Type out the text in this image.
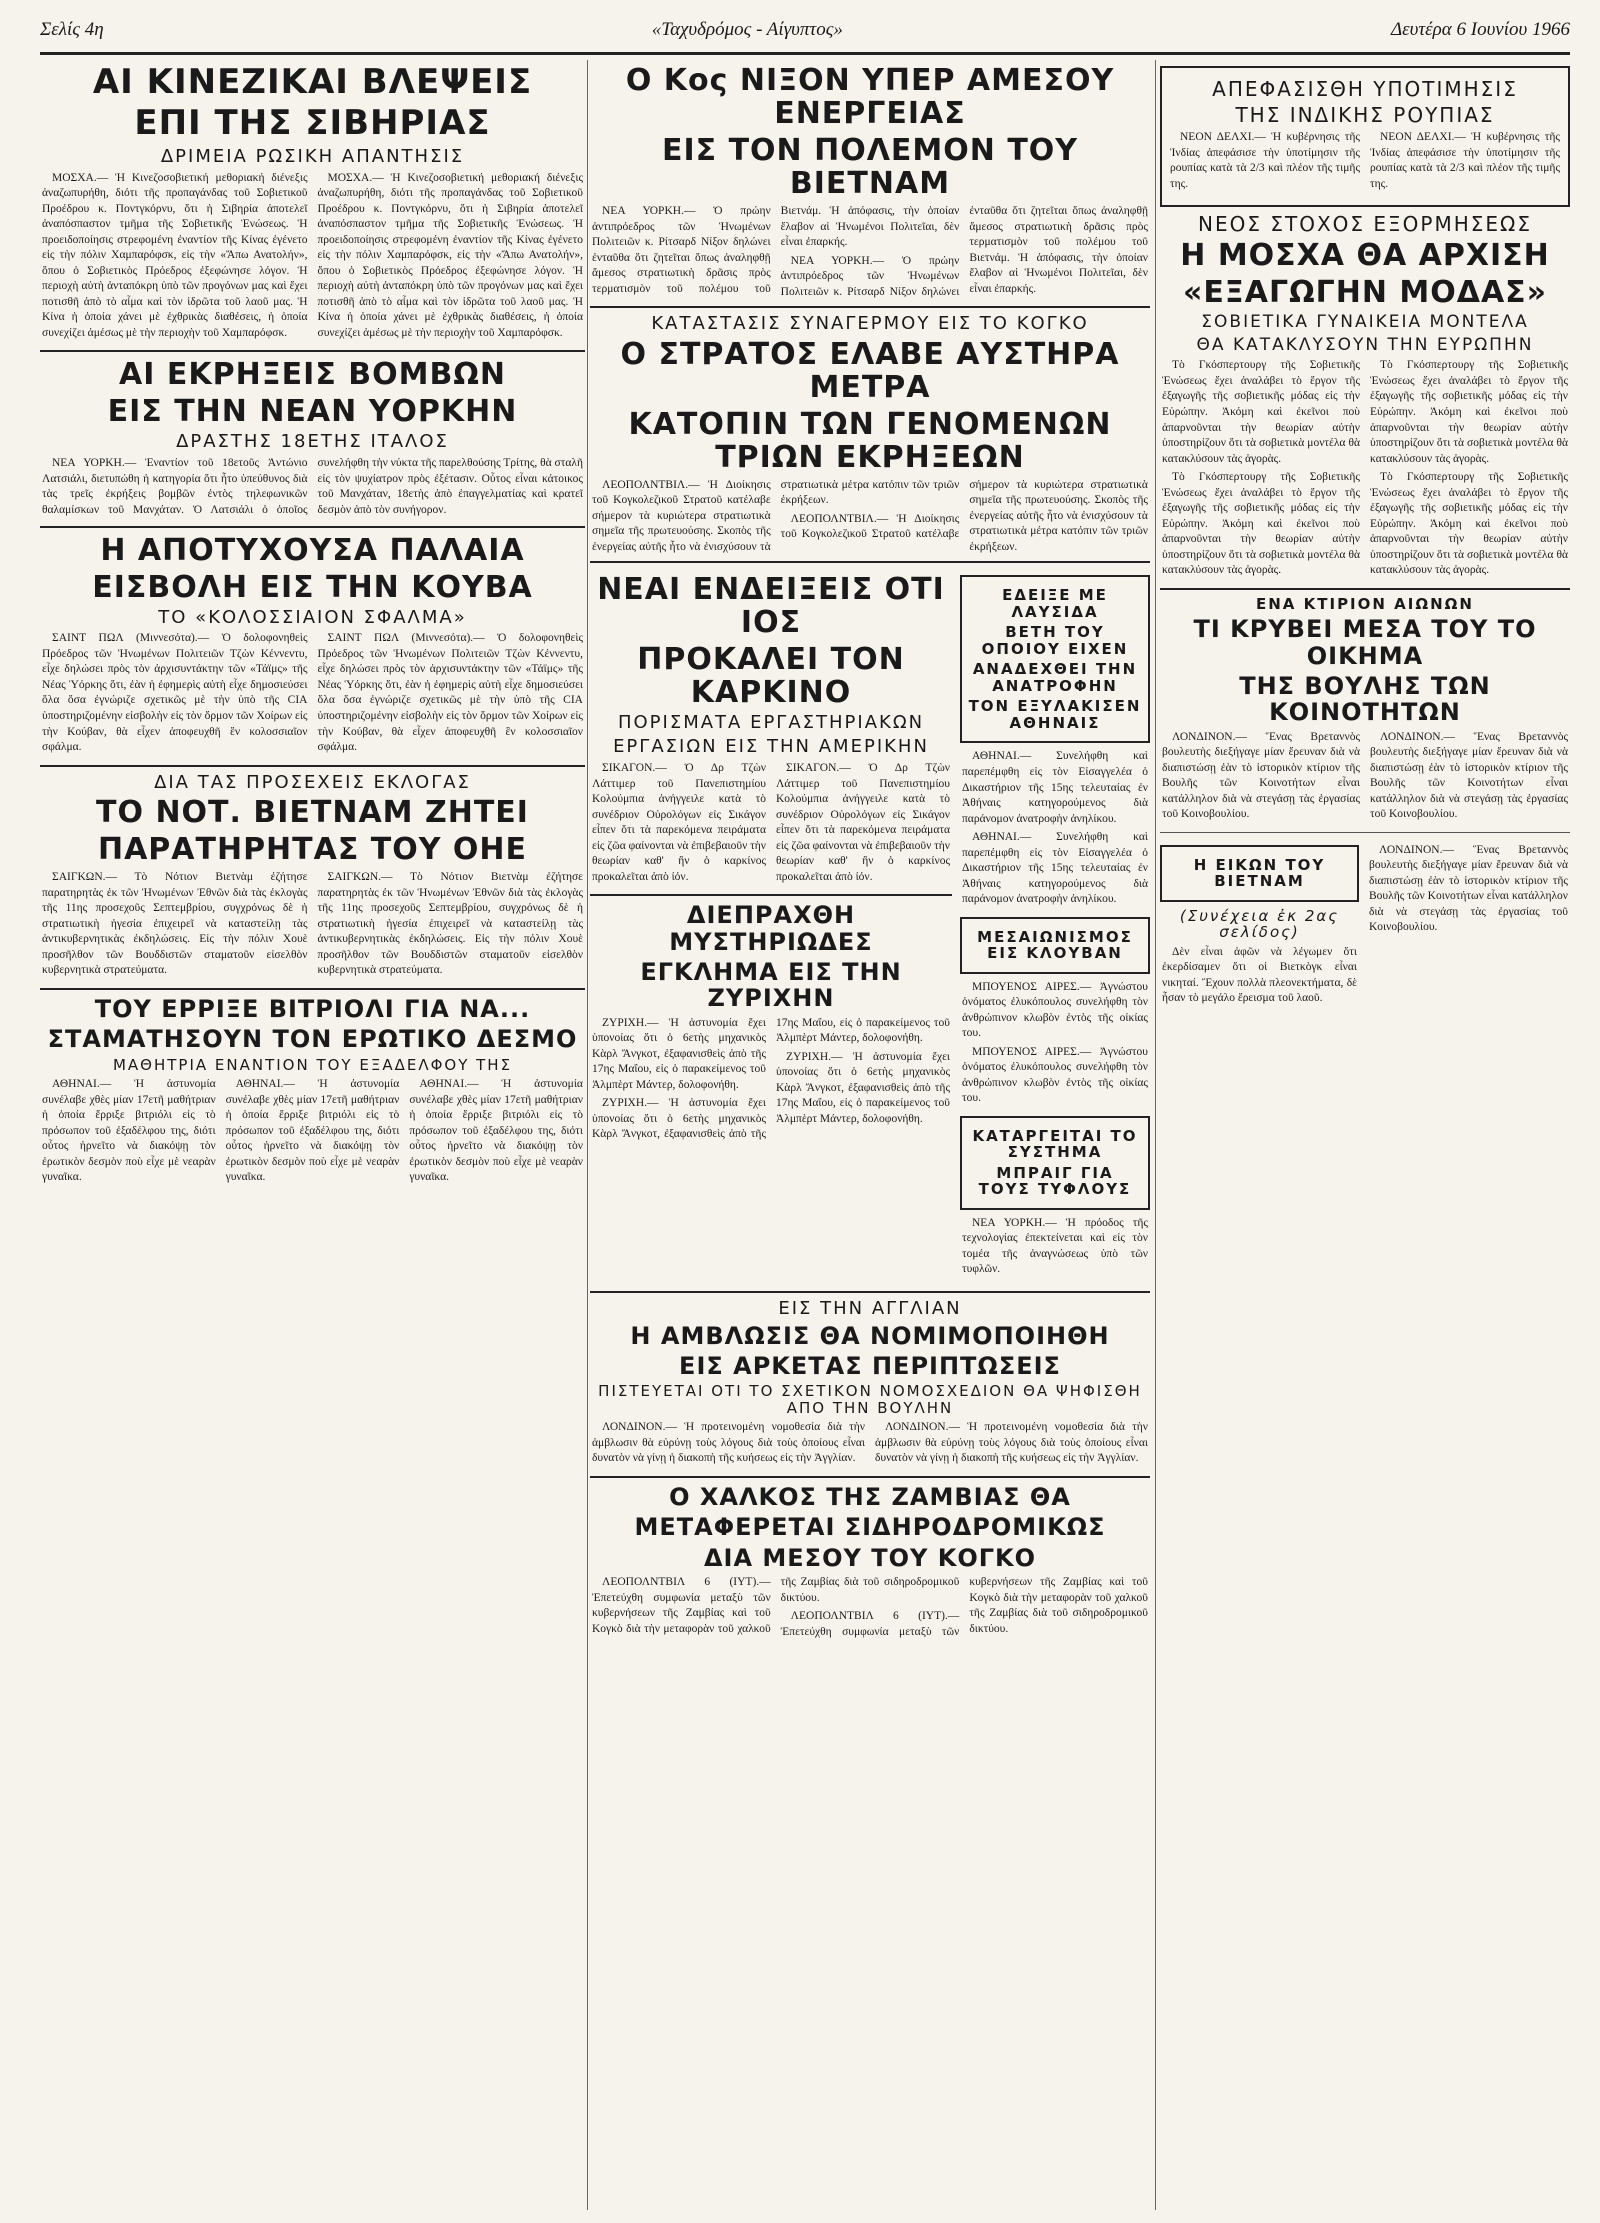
Σελίς 4η	«Ταχυδρόμος - Αίγυπτος»	Δευτέρα 6 Ιουνίου 1966
ΑΙ ΚΙΝΕΖΙΚΑΙ ΒΛΕΨΕΙΣ
ΕΠΙ ΤΗΣ ΣΙΒΗΡΙΑΣ
ΔΡΙΜΕΙΑ ΡΩΣΙΚΗ ΑΠΑΝΤΗΣΙΣ

ΜΟΣΧΑ.— Ἡ Κινεζοσοβιετική μεθοριακή διένεξις ἀναζωπυρήθη, διότι τῆς προπαγάνδας τοῦ Σοβιετικοῦ Προέδρου κ. Ποντγκόρνυ, ὅτι ἡ Σιβηρία ἀποτελεῖ ἀναπόσπαστον τμῆμα τῆς Σοβιετικῆς Ἑνώσεως. Ἡ προειδοποίησις στρεφομένη ἐναντίον τῆς Κίνας ἐγένετο εἰς τὴν πόλιν Χαμπαρόφσκ, εἰς τὴν «Ἄπω Ανατολήν», ὅπου ὁ Σοβιετικὸς Πρόεδρος ἐξεφώνησε λόγον. Ἡ περιοχὴ αὐτὴ ἀνταπόκρη ὑπὸ τῶν προγόνων μας καὶ ἔχει ποτισθῆ ἀπὸ τὸ αἷμα καὶ τὸν ἱδρῶτα τοῦ λαοῦ μας. Ἡ Κίνα ἡ ὁποία χάνει μὲ ἐχθρικὰς διαθέσεις, ἡ ὁποία συνεχίζει ἀμέσως μὲ τὴν περιοχὴν τοῦ Χαμπαρόφσκ.

ΜΟΣΧΑ.— Ἡ Κινεζοσοβιετική μεθοριακή διένεξις ἀναζωπυρήθη, διότι τῆς προπαγάνδας τοῦ Σοβιετικοῦ Προέδρου κ. Ποντγκόρνυ, ὅτι ἡ Σιβηρία ἀποτελεῖ ἀναπόσπαστον τμῆμα τῆς Σοβιετικῆς Ἑνώσεως. Ἡ προειδοποίησις στρεφομένη ἐναντίον τῆς Κίνας ἐγένετο εἰς τὴν πόλιν Χαμπαρόφσκ, εἰς τὴν «Ἄπω Ανατολήν», ὅπου ὁ Σοβιετικὸς Πρόεδρος ἐξεφώνησε λόγον. Ἡ περιοχὴ αὐτὴ ἀνταπόκρη ὑπὸ τῶν προγόνων μας καὶ ἔχει ποτισθῆ ἀπὸ τὸ αἷμα καὶ τὸν ἱδρῶτα τοῦ λαοῦ μας. Ἡ Κίνα ἡ ὁποία χάνει μὲ ἐχθρικὰς διαθέσεις, ἡ ὁποία συνεχίζει ἀμέσως μὲ τὴν περιοχὴν τοῦ Χαμπαρόφσκ.

ΑΙ ΕΚΡΗΞΕΙΣ ΒΟΜΒΩΝ
ΕΙΣ ΤΗΝ ΝΕΑΝ ΥΟΡΚΗΝ
ΔΡΑΣΤΗΣ 18ΕΤΗΣ ΙΤΑΛΟΣ

ΝΕΑ ΥΟΡΚΗ.— Ἐναντίον τοῦ 18ετοῦς Ἀντώνιο Λατσιάλι, διετυπώθη ἡ κατηγορία ὅτι ἦτο ὑπεύθυνος διὰ τὰς τρεῖς ἐκρήξεις βομβῶν ἐντὸς τηλεφωνικῶν θαλαμίσκων τοῦ Μανχάταν. Ὁ Λατσιάλι ὁ ὁποῖος συνελήφθη τὴν νύκτα τῆς παρελθούσης Τρίτης, θὰ σταλῆ εἰς τὸν ψυχίατρον πρὸς ἐξέτασιν. Οὗτος εἶναι κάτοικος τοῦ Μανχάταν, 18ετὴς ἀπὸ ἐπαγγελματίας καὶ κρατεῖ δεσμὸν ἀπὸ τὸν συνήγορον.

Η ΑΠΟΤΥΧΟΥΣΑ ΠΑΛΑΙΑ
ΕΙΣΒΟΛΗ ΕΙΣ ΤΗΝ ΚΟΥΒΑ
ΤΟ «ΚΟΛΟΣΣΙΑΙΟΝ ΣΦΑΛΜΑ»

ΣΑΙΝΤ ΠΩΛ (Μιννεσότα).— Ὁ δολοφονηθεὶς Πρόεδρος τῶν Ἡνωμένων Πολιτειῶν Τζὼν Κέννεντυ, εἶχε δηλώσει πρὸς τὸν ἀρχισυντάκτην τῶν «Τάϊμς» τῆς Νέας Ὑόρκης ὅτι, ἐὰν ἡ ἐφημερὶς αὐτὴ εἶχε δημοσιεύσει ὅλα ὅσα ἐγνώριζε σχετικῶς μὲ τὴν ὑπὸ τῆς CIA ὑποστηριζομένην εἰσβολὴν εἰς τὸν ὅρμον τῶν Χοίρων εἰς τὴν Κούβαν, θὰ εἶχεν ἀποφευχθῆ ἓν κολοσσιαῖον σφάλμα.

ΣΑΙΝΤ ΠΩΛ (Μιννεσότα).— Ὁ δολοφονηθεὶς Πρόεδρος τῶν Ἡνωμένων Πολιτειῶν Τζὼν Κέννεντυ, εἶχε δηλώσει πρὸς τὸν ἀρχισυντάκτην τῶν «Τάϊμς» τῆς Νέας Ὑόρκης ὅτι, ἐὰν ἡ ἐφημερὶς αὐτὴ εἶχε δημοσιεύσει ὅλα ὅσα ἐγνώριζε σχετικῶς μὲ τὴν ὑπὸ τῆς CIA ὑποστηριζομένην εἰσβολὴν εἰς τὸν ὅρμον τῶν Χοίρων εἰς τὴν Κούβαν, θὰ εἶχεν ἀποφευχθῆ ἓν κολοσσιαῖον σφάλμα.

ΔΙΑ ΤΑΣ ΠΡΟΣΕΧΕΙΣ ΕΚΛΟΓΑΣ
ΤΟ ΝΟΤ. ΒΙΕΤΝΑΜ ΖΗΤΕΙ
ΠΑΡΑΤΗΡΗΤΑΣ ΤΟΥ ΟΗΕ

ΣΑΙΓΚΩΝ.— Τὸ Νότιον Βιετνὰμ ἐζήτησε παρατηρητὰς ἐκ τῶν Ἡνωμένων Ἐθνῶν διὰ τὰς ἐκλογὰς τῆς 11ης προσεχοῦς Σεπτεμβρίου, συγχρόνως δὲ ἡ στρατιωτικὴ ἡγεσία ἐπιχειρεῖ νὰ καταστείλῃ τὰς ἀντικυβερνητικὰς ἐκδηλώσεις. Εἰς τὴν πόλιν Χουὲ προσῆλθον τῶν Βουδδιστῶν σταματοῦν εἰσελθὸν κυβερνητικὰ στρατεύματα.

ΣΑΙΓΚΩΝ.— Τὸ Νότιον Βιετνὰμ ἐζήτησε παρατηρητὰς ἐκ τῶν Ἡνωμένων Ἐθνῶν διὰ τὰς ἐκλογὰς τῆς 11ης προσεχοῦς Σεπτεμβρίου, συγχρόνως δὲ ἡ στρατιωτικὴ ἡγεσία ἐπιχειρεῖ νὰ καταστείλῃ τὰς ἀντικυβερνητικὰς ἐκδηλώσεις. Εἰς τὴν πόλιν Χουὲ προσῆλθον τῶν Βουδδιστῶν σταματοῦν εἰσελθὸν κυβερνητικὰ στρατεύματα.

ΤΟΥ ΕΡΡΙΞΕ ΒΙΤΡΙΟΛΙ ΓΙΑ ΝΑ...
ΣΤΑΜΑΤΗΣΟΥΝ ΤΟΝ ΕΡΩΤΙΚΟ ΔΕΣΜΟ
ΜΑΘΗΤΡΙΑ ΕΝΑΝΤΙΟΝ ΤΟΥ ΕΞΑΔΕΛΦΟΥ ΤΗΣ

ΑΘΗΝΑΙ.— Ἡ ἀστυνομία συνέλαβε χθὲς μίαν 17ετῆ μαθήτριαν ἡ ὁποία ἔρριξε βιτριόλι εἰς τὸ πρόσωπον τοῦ ἐξαδέλφου της, διότι οὗτος ἠρνεῖτο νὰ διακόψῃ τὸν ἐρωτικὸν δεσμὸν ποὺ εἶχε μὲ νεαρὰν γυναῖκα.

ΑΘΗΝΑΙ.— Ἡ ἀστυνομία συνέλαβε χθὲς μίαν 17ετῆ μαθήτριαν ἡ ὁποία ἔρριξε βιτριόλι εἰς τὸ πρόσωπον τοῦ ἐξαδέλφου της, διότι οὗτος ἠρνεῖτο νὰ διακόψῃ τὸν ἐρωτικὸν δεσμὸν ποὺ εἶχε μὲ νεαρὰν γυναῖκα.

ΑΘΗΝΑΙ.— Ἡ ἀστυνομία συνέλαβε χθὲς μίαν 17ετῆ μαθήτριαν ἡ ὁποία ἔρριξε βιτριόλι εἰς τὸ πρόσωπον τοῦ ἐξαδέλφου της, διότι οὗτος ἠρνεῖτο νὰ διακόψῃ τὸν ἐρωτικὸν δεσμὸν ποὺ εἶχε μὲ νεαρὰν γυναῖκα.

Ο Κος ΝΙΞΟΝ ΥΠΕΡ ΑΜΕΣΟΥ ΕΝΕΡΓΕΙΑΣ
ΕΙΣ ΤΟΝ ΠΟΛΕΜΟΝ ΤΟΥ ΒΙΕΤΝΑΜ

ΝΕΑ ΥΟΡΚΗ.— Ὁ πρώην ἀντιπρόεδρος τῶν Ἡνωμένων Πολιτειῶν κ. Ρίτσαρδ Νίξον δηλώνει ἐνταῦθα ὅτι ζητεῖται ὅπως ἀναληφθῇ ἄμεσος στρατιωτικὴ δρᾶσις πρὸς τερματισμὸν τοῦ πολέμου τοῦ Βιετνάμ. Ἡ ἀπόφασις, τὴν ὁποίαν ἔλαβον αἱ Ἡνωμένοι Πολιτεῖαι, δὲν εἶναι ἐπαρκής.

ΝΕΑ ΥΟΡΚΗ.— Ὁ πρώην ἀντιπρόεδρος τῶν Ἡνωμένων Πολιτειῶν κ. Ρίτσαρδ Νίξον δηλώνει ἐνταῦθα ὅτι ζητεῖται ὅπως ἀναληφθῇ ἄμεσος στρατιωτικὴ δρᾶσις πρὸς τερματισμὸν τοῦ πολέμου τοῦ Βιετνάμ. Ἡ ἀπόφασις, τὴν ὁποίαν ἔλαβον αἱ Ἡνωμένοι Πολιτεῖαι, δὲν εἶναι ἐπαρκής.

ΚΑΤΑΣΤΑΣΙΣ ΣΥΝΑΓΕΡΜΟΥ ΕΙΣ ΤΟ ΚΟΓΚΟ
Ο ΣΤΡΑΤΟΣ ΕΛΑΒΕ ΑΥΣΤΗΡΑ ΜΕΤΡΑ
ΚΑΤΟΠΙΝ ΤΩΝ ΓΕΝΟΜΕΝΩΝ ΤΡΙΩΝ ΕΚΡΗΞΕΩΝ

ΛΕΟΠΟΛΝΤΒΙΛ.— Ἡ Διοίκησις τοῦ Κογκολεζικοῦ Στρατοῦ κατέλαβε σήμερον τὰ κυριώτερα στρατιωτικὰ σημεῖα τῆς πρωτευούσης. Σκοπὸς τῆς ἐνεργείας αὐτῆς ἦτο νὰ ἐνισχύσουν τὰ στρατιωτικὰ μέτρα κατόπιν τῶν τριῶν ἐκρήξεων.

ΛΕΟΠΟΛΝΤΒΙΛ.— Ἡ Διοίκησις τοῦ Κογκολεζικοῦ Στρατοῦ κατέλαβε σήμερον τὰ κυριώτερα στρατιωτικὰ σημεῖα τῆς πρωτευούσης. Σκοπὸς τῆς ἐνεργείας αὐτῆς ἦτο νὰ ἐνισχύσουν τὰ στρατιωτικὰ μέτρα κατόπιν τῶν τριῶν ἐκρήξεων.

ΝΕΑΙ ΕΝΔΕΙΞΕΙΣ ΟΤΙ ΙΟΣ
ΠΡΟΚΑΛΕΙ ΤΟΝ ΚΑΡΚΙΝΟ
ΠΟΡΙΣΜΑΤΑ ΕΡΓΑΣΤΗΡΙΑΚΩΝ
ΕΡΓΑΣΙΩΝ ΕΙΣ ΤΗΝ ΑΜΕΡΙΚΗΝ

ΣΙΚΑΓΟΝ.— Ὁ Δρ Τζὼν Λάττιμερ τοῦ Πανεπιστημίου Κολούμπια ἀνήγγειλε κατὰ τὸ συνέδριον Οὐρολόγων εἰς Σικάγον εἶπεν ὅτι τὰ παρεκόμενα πειράματα εἰς ζῶα φαίνονται νὰ ἐπιβεβαιοῦν τὴν θεωρίαν καθ' ἣν ὁ καρκίνος προκαλεῖται ἀπὸ ἰόν.

ΣΙΚΑΓΟΝ.— Ὁ Δρ Τζὼν Λάττιμερ τοῦ Πανεπιστημίου Κολούμπια ἀνήγγειλε κατὰ τὸ συνέδριον Οὐρολόγων εἰς Σικάγον εἶπεν ὅτι τὰ παρεκόμενα πειράματα εἰς ζῶα φαίνονται νὰ ἐπιβεβαιοῦν τὴν θεωρίαν καθ' ἣν ὁ καρκίνος προκαλεῖται ἀπὸ ἰόν.

ΔΙΕΠΡΑΧΘΗ ΜΥΣΤΗΡΙΩΔΕΣ
ΕΓΚΛΗΜΑ ΕΙΣ ΤΗΝ ΖΥΡΙΧΗΝ

ΖΥΡΙΧΗ.— Ἡ ἀστυνομία ἔχει ὑπονοίας ὅτι ὁ 6ετὴς μηχανικὸς Κὰρλ Ἄνγκοτ, ἐξαφανισθεὶς ἀπὸ τῆς 17ης Μαΐου, εἰς ὁ παρακείμενος τοῦ Ἀλμπὲρτ Μάντερ, δολοφονήθη.

ΖΥΡΙΧΗ.— Ἡ ἀστυνομία ἔχει ὑπονοίας ὅτι ὁ 6ετὴς μηχανικὸς Κὰρλ Ἄνγκοτ, ἐξαφανισθεὶς ἀπὸ τῆς 17ης Μαΐου, εἰς ὁ παρακείμενος τοῦ Ἀλμπὲρτ Μάντερ, δολοφονήθη.

ΖΥΡΙΧΗ.— Ἡ ἀστυνομία ἔχει ὑπονοίας ὅτι ὁ 6ετὴς μηχανικὸς Κὰρλ Ἄνγκοτ, ἐξαφανισθεὶς ἀπὸ τῆς 17ης Μαΐου, εἰς ὁ παρακείμενος τοῦ Ἀλμπὲρτ Μάντερ, δολοφονήθη.

ΕΔΕΙΞΕ ΜΕ ΛΑΥΣΙΔΑ
ΒΕΤΗ ΤΟΥ ΟΠΟΙΟΥ ΕΙΧΕΝ
ΑΝΑΔΕΧΘΕΙ ΤΗΝ ΑΝΑΤΡΟΦΗΝ
ΤΟΝ ΕΞΥΛΑΚΙΣΕΝ ΑΘΗΝΑΙΣ

ΑΘΗΝΑΙ.— Συνελήφθη καὶ παρεπέμφθη εἰς τὸν Εἰσαγγελέα ὁ Δικαστήριον τῆς 15ης τελευταίας ἐν Ἀθήναις κατηγορούμενος διὰ παράνομον ἀνατροφὴν ἀνηλίκου.

ΑΘΗΝΑΙ.— Συνελήφθη καὶ παρεπέμφθη εἰς τὸν Εἰσαγγελέα ὁ Δικαστήριον τῆς 15ης τελευταίας ἐν Ἀθήναις κατηγορούμενος διὰ παράνομον ἀνατροφὴν ἀνηλίκου.

ΜΕΣΑΙΩΝΙΣΜΟΣ ΕΙΣ ΚΛΟΥΒΑΝ

ΜΠΟΥΕΝΟΣ ΑΙΡΕΣ.— Ἀγνώστου ὀνόματος ἐλυκόπουλος συνελήφθη τὸν ἀνθρώπινον κλωβὸν ἐντὸς τῆς οἰκίας του.

ΜΠΟΥΕΝΟΣ ΑΙΡΕΣ.— Ἀγνώστου ὀνόματος ἐλυκόπουλος συνελήφθη τὸν ἀνθρώπινον κλωβὸν ἐντὸς τῆς οἰκίας του.

ΚΑΤΑΡΓΕΙΤΑΙ ΤΟ ΣΥΣΤΗΜΑ
ΜΠΡΑΙΓ ΓΙΑ ΤΟΥΣ ΤΥΦΛΟΥΣ

ΝΕΑ ΥΟΡΚΗ.— Ἡ πρόοδος τῆς τεχνολογίας ἐπεκτείνεται καὶ εἰς τὸν τομέα τῆς ἀναγνώσεως ὑπὸ τῶν τυφλῶν.

ΕΙΣ ΤΗΝ ΑΓΓΛΙΑΝ
Η ΑΜΒΛΩΣΙΣ ΘΑ ΝΟΜΙΜΟΠΟΙΗΘΗ
ΕΙΣ ΑΡΚΕΤΑΣ ΠΕΡΙΠΤΩΣΕΙΣ
ΠΙΣΤΕΥΕΤΑΙ ΟΤΙ ΤΟ ΣΧΕΤΙΚΟΝ ΝΟΜΟΣΧΕΔΙΟΝ ΘΑ ΨΗΦΙΣΘΗ ΑΠΟ ΤΗΝ ΒΟΥΛΗΝ

ΛΟΝΔΙΝΟΝ.— Ἡ προτεινομένη νομοθεσία διὰ τὴν ἀμβλωσιν θὰ εὐρύνῃ τοὺς λόγους διὰ τοὺς ὁποίους εἶναι δυνατὸν νὰ γίνῃ ἡ διακοπὴ τῆς κυήσεως εἰς τὴν Ἀγγλίαν.

ΛΟΝΔΙΝΟΝ.— Ἡ προτεινομένη νομοθεσία διὰ τὴν ἀμβλωσιν θὰ εὐρύνῃ τοὺς λόγους διὰ τοὺς ὁποίους εἶναι δυνατὸν νὰ γίνῃ ἡ διακοπὴ τῆς κυήσεως εἰς τὴν Ἀγγλίαν.

Ο ΧΑΛΚΟΣ ΤΗΣ ΖΑΜΒΙΑΣ ΘΑ
ΜΕΤΑΦΕΡΕΤΑΙ ΣΙΔΗΡΟΔΡΟΜΙΚΩΣ
ΔΙΑ ΜΕΣΟΥ ΤΟΥ ΚΟΓΚΟ

ΛΕΟΠΟΛΝΤΒΙΛ 6 (ΙΥΤ).— Ἐπετεύχθη συμφωνία μεταξὺ τῶν κυβερνήσεων τῆς Ζαμβίας καὶ τοῦ Κογκὸ διὰ τὴν μεταφορὰν τοῦ χαλκοῦ τῆς Ζαμβίας διὰ τοῦ σιδηροδρομικοῦ δικτύου.

ΛΕΟΠΟΛΝΤΒΙΛ 6 (ΙΥΤ).— Ἐπετεύχθη συμφωνία μεταξὺ τῶν κυβερνήσεων τῆς Ζαμβίας καὶ τοῦ Κογκὸ διὰ τὴν μεταφορὰν τοῦ χαλκοῦ τῆς Ζαμβίας διὰ τοῦ σιδηροδρομικοῦ δικτύου.

ΑΠΕΦΑΣΙΣΘΗ ΥΠΟΤΙΜΗΣΙΣ
ΤΗΣ ΙΝΔΙΚΗΣ ΡΟΥΠΙΑΣ

ΝΕΟΝ ΔΕΛΧΙ.— Ἡ κυβέρνησις τῆς Ἰνδίας ἀπεφάσισε τὴν ὑποτίμησιν τῆς ρουπίας κατὰ τὰ 2/3 καὶ πλέον τῆς τιμῆς της.

ΝΕΟΝ ΔΕΛΧΙ.— Ἡ κυβέρνησις τῆς Ἰνδίας ἀπεφάσισε τὴν ὑποτίμησιν τῆς ρουπίας κατὰ τὰ 2/3 καὶ πλέον τῆς τιμῆς της.

ΝΕΟΣ ΣΤΟΧΟΣ ΕΞΟΡΜΗΣΕΩΣ
Η ΜΟΣΧΑ ΘΑ ΑΡΧΙΣΗ
«ΕΞΑΓΩΓΗΝ ΜΟΔΑΣ»
ΣΟΒΙΕΤΙΚΑ ΓΥΝΑΙΚΕΙΑ ΜΟΝΤΕΛΑ
ΘΑ ΚΑΤΑΚΛΥΣΟΥΝ ΤΗΝ ΕΥΡΩΠΗΝ

Τὸ Γκόσπερτουργ τῆς Σοβιετικῆς Ἑνώσεως ἔχει ἀναλάβει τὸ ἔργον τῆς ἐξαγωγῆς τῆς σοβιετικῆς μόδας εἰς τὴν Εὐρώπην. Ἀκόμη καὶ ἐκεῖνοι ποὺ ἀπαρνοῦνται τὴν θεωρίαν αὐτὴν ὑποστηρίζουν ὅτι τὰ σοβιετικὰ μοντέλα θὰ κατακλύσουν τὰς ἀγορὰς.

Τὸ Γκόσπερτουργ τῆς Σοβιετικῆς Ἑνώσεως ἔχει ἀναλάβει τὸ ἔργον τῆς ἐξαγωγῆς τῆς σοβιετικῆς μόδας εἰς τὴν Εὐρώπην. Ἀκόμη καὶ ἐκεῖνοι ποὺ ἀπαρνοῦνται τὴν θεωρίαν αὐτὴν ὑποστηρίζουν ὅτι τὰ σοβιετικὰ μοντέλα θὰ κατακλύσουν τὰς ἀγορὰς.

Τὸ Γκόσπερτουργ τῆς Σοβιετικῆς Ἑνώσεως ἔχει ἀναλάβει τὸ ἔργον τῆς ἐξαγωγῆς τῆς σοβιετικῆς μόδας εἰς τὴν Εὐρώπην. Ἀκόμη καὶ ἐκεῖνοι ποὺ ἀπαρνοῦνται τὴν θεωρίαν αὐτὴν ὑποστηρίζουν ὅτι τὰ σοβιετικὰ μοντέλα θὰ κατακλύσουν τὰς ἀγορὰς.

Τὸ Γκόσπερτουργ τῆς Σοβιετικῆς Ἑνώσεως ἔχει ἀναλάβει τὸ ἔργον τῆς ἐξαγωγῆς τῆς σοβιετικῆς μόδας εἰς τὴν Εὐρώπην. Ἀκόμη καὶ ἐκεῖνοι ποὺ ἀπαρνοῦνται τὴν θεωρίαν αὐτὴν ὑποστηρίζουν ὅτι τὰ σοβιετικὰ μοντέλα θὰ κατακλύσουν τὰς ἀγορὰς.

ΕΝΑ ΚΤΙΡΙΟΝ ΑΙΩΝΩΝ
ΤΙ ΚΡΥΒΕΙ ΜΕΣΑ ΤΟΥ ΤΟ ΟΙΚΗΜΑ
ΤΗΣ ΒΟΥΛΗΣ ΤΩΝ ΚΟΙΝΟΤΗΤΩΝ

ΛΟΝΔΙΝΟΝ.— Ἕνας Βρεταννὸς βουλευτὴς διεξήγαγε μίαν ἔρευναν διὰ νὰ διαπιστώσῃ ἐὰν τὸ ἱστορικὸν κτίριον τῆς Βουλῆς τῶν Κοινοτήτων εἶναι κατάλληλον διὰ νὰ στεγάσῃ τὰς ἐργασίας τοῦ Κοινοβουλίου.

ΛΟΝΔΙΝΟΝ.— Ἕνας Βρεταννὸς βουλευτὴς διεξήγαγε μίαν ἔρευναν διὰ νὰ διαπιστώσῃ ἐὰν τὸ ἱστορικὸν κτίριον τῆς Βουλῆς τῶν Κοινοτήτων εἶναι κατάλληλον διὰ νὰ στεγάσῃ τὰς ἐργασίας τοῦ Κοινοβουλίου.

Η ΕΙΚΩΝ ΤΟΥ ΒΙΕΤΝΑΜ
(Συνέχεια ἐκ 2ας σελίδος)

Δὲν εἶναι ἀφῶν νὰ λέγωμεν ὅτι ἐκερδίσαμεν ὅτι οἱ Βιετκὸγκ εἶναι νικηταί. Ἔχουν πολλὰ πλεονεκτήματα, δὲ ἦσαν τὸ μεγάλο ἔρεισμα τοῦ λαοῦ.

ΛΟΝΔΙΝΟΝ.— Ἕνας Βρεταννὸς βουλευτὴς διεξήγαγε μίαν ἔρευναν διὰ νὰ διαπιστώσῃ ἐὰν τὸ ἱστορικὸν κτίριον τῆς Βουλῆς τῶν Κοινοτήτων εἶναι κατάλληλον διὰ νὰ στεγάσῃ τὰς ἐργασίας τοῦ Κοινοβουλίου.
